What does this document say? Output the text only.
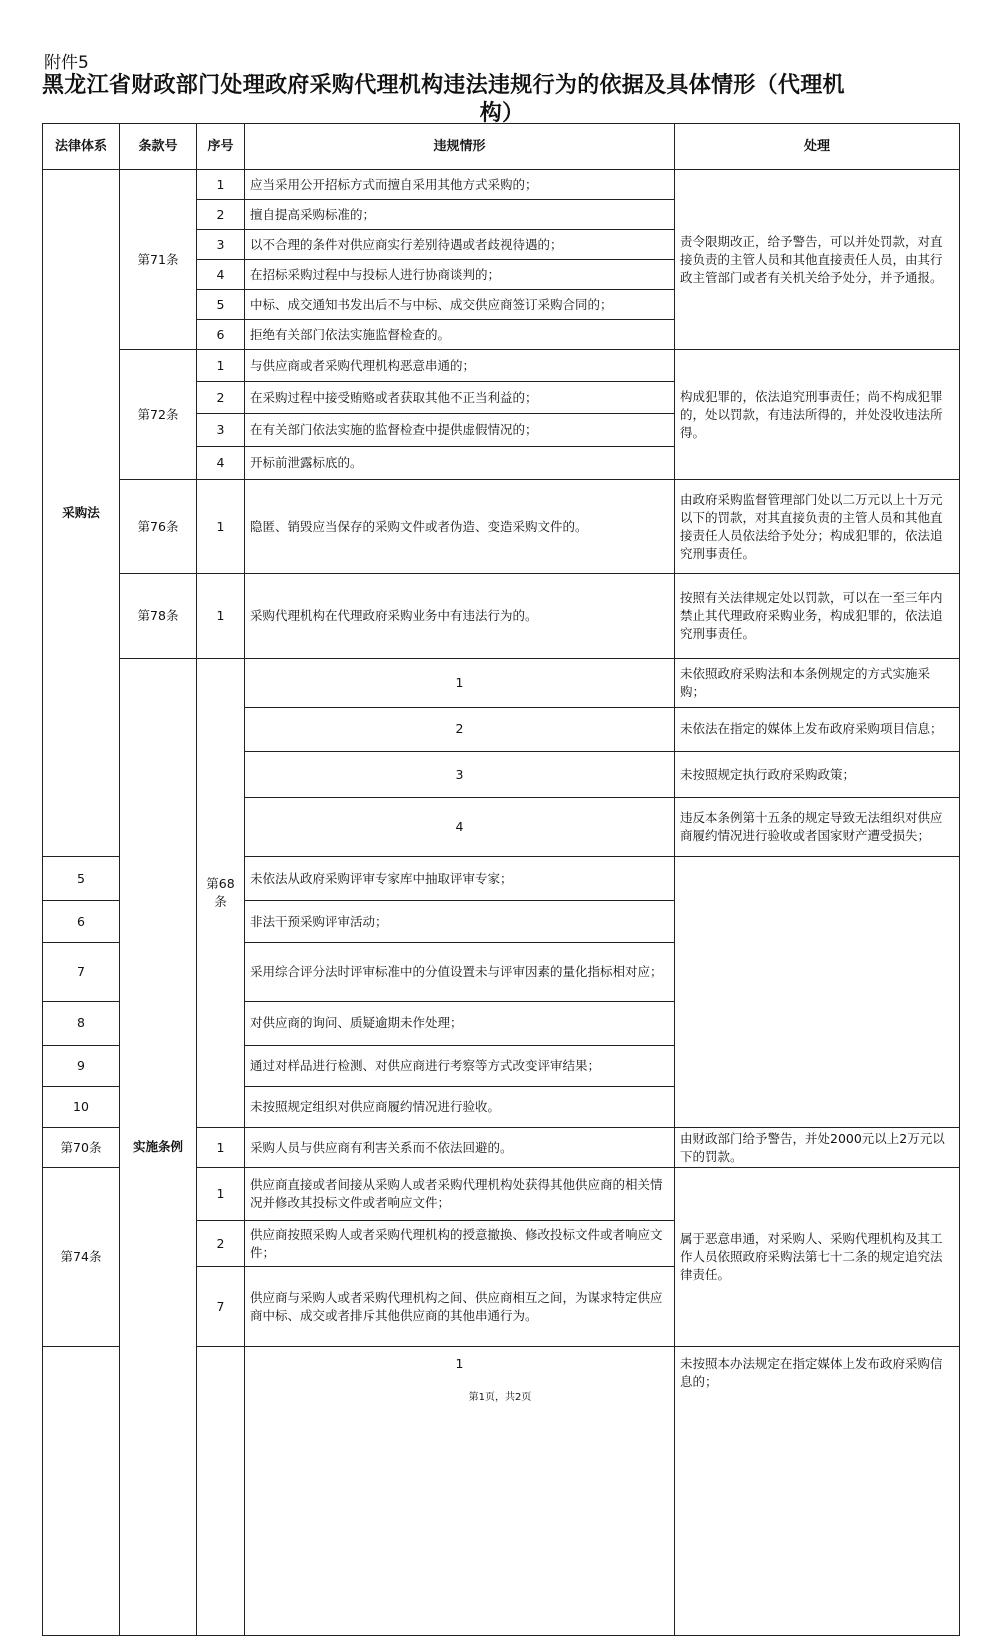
附件5
黑龙江省财政部门处理政府采购代理机构违法违规行为的依据及具体情形（代理机
构）
法律体系	条款号	序号	违规情形	处理	
采购法	第71条	1	应当采用公开招标方式而擅自采用其他方式采购的；	责令限期改正，给予警告，可以并处罚款，对直接负责的主管人员和其他直接责任人员，由其行政主管部门或者有关机关给予处分，并予通报。	
		2	擅自提高采购标准的；		
		3	以不合理的条件对供应商实行差别待遇或者歧视待遇的；		
		4	在招标采购过程中与投标人进行协商谈判的；		
		5	中标、成交通知书发出后不与中标、成交供应商签订采购合同的；		
		6	拒绝有关部门依法实施监督检查的。		
	第72条	1	与供应商或者采购代理机构恶意串通的；	构成犯罪的，依法追究刑事责任；尚不构成犯罪的，处以罚款，有违法所得的，并处没收违法所得。	
		2	在采购过程中接受贿赂或者获取其他不正当利益的；		
		3	在有关部门依法实施的监督检查中提供虚假情况的；		
		4	开标前泄露标底的。		
	第76条	1	隐匿、销毁应当保存的采购文件或者伪造、变造采购文件的。	由政府采购监督管理部门处以二万元以上十万元以下的罚款，对其直接负责的主管人员和其他直接责任人员依法给予处分；构成犯罪的，依法追究刑事责任。	
	第78条	1	采购代理机构在代理政府采购业务中有违法行为的。	按照有关法律规定处以罚款，可以在一至三年内禁止其代理政府采购业务，构成犯罪的，依法追究刑事责任。	
	实施条例	第68条	1	未依照政府采购法和本条例规定的方式实施采购；	
			2	未依法在指定的媒体上发布政府采购项目信息；	
			3	未按照规定执行政府采购政策；	
			4	违反本条例第十五条的规定导致无法组织对供应商履约情况进行验收或者国家财产遭受损失；	
5			未依法从政府采购评审专家库中抽取评审专家；		
6			非法干预采购评审活动；		
7			采用综合评分法时评审标准中的分值设置未与评审因素的量化指标相对应；		
8			对供应商的询问、质疑逾期未作处理；		
9			通过对样品进行检测、对供应商进行考察等方式改变评审结果；		
10			未按照规定组织对供应商履约情况进行验收。		
第70条		1	采购人员与供应商有利害关系而不依法回避的。	由财政部门给予警告，并处2000元以上2万元以下的罚款。	
第74条		1	供应商直接或者间接从采购人或者采购代理机构处获得其他供应商的相关情况并修改其投标文件或者响应文件；	属于恶意串通，对采购人、采购代理机构及其工作人员依照政府采购法第七十二条的规定追究法律责任。	
		2	供应商按照采购人或者采购代理机构的授意撤换、修改投标文件或者响应文件；		
		7	供应商与采购人或者采购代理机构之间、供应商相互之间，为谋求特定供应商中标、成交或者排斥其他供应商的其他串通行为。		
			1	未按照本办法规定在指定媒体上发布政府采购信息的；	
第1页，共2页
